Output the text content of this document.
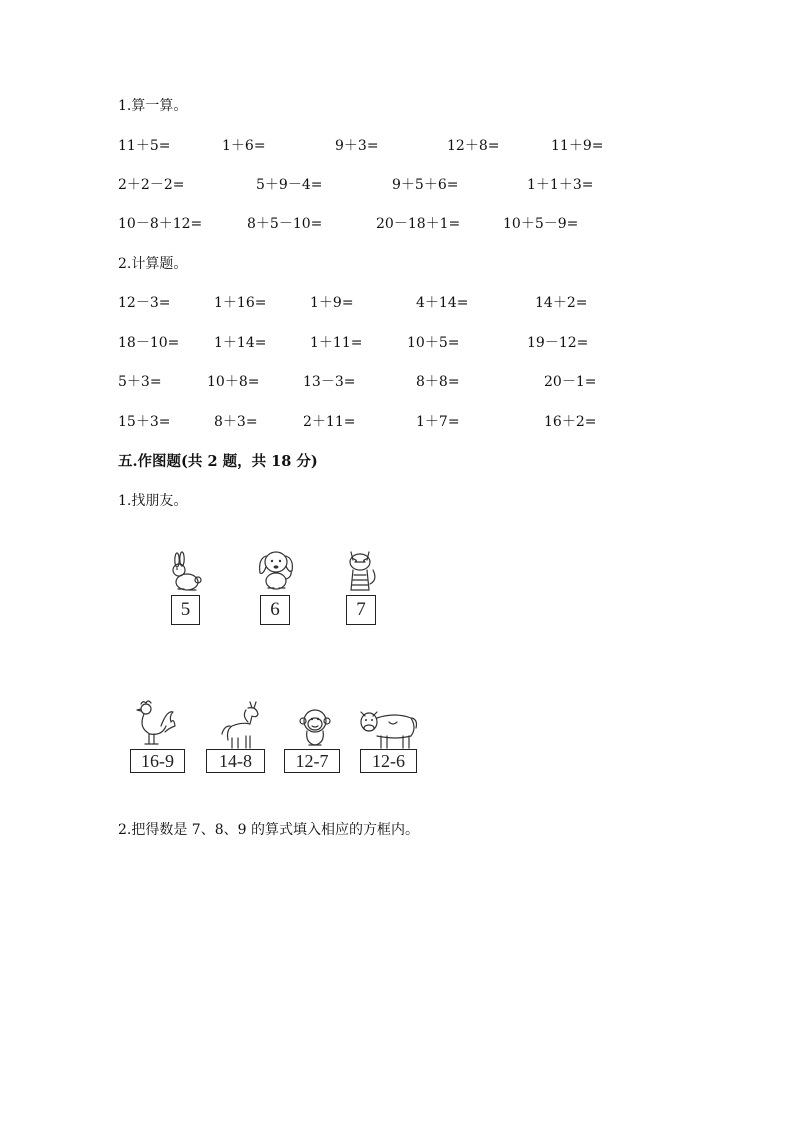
1.算一算。
11＋5=	1＋6=	9＋3=	12＋8=	11＋9=
2＋2－2=	5＋9－4=	9＋5＋6=	1＋1＋3=
10－8＋12=	8＋5－10=	20－18＋1=	10＋5－9=
2.计算题。
12－3=	1＋16=	1＋9=	4＋14=	14＋2=
18－10= 1＋14=	1＋11=	10＋5=	19－12=
5＋3=	10＋8=	13－3=	8＋8=	20－1=
15＋3=	8＋3=	2＋11=	1＋7=	16＋2=
五.作图题(共 2 题，共 18 分)
1.找朋友。
5	6	7
16-9	14-8	12-7	12-6
2.把得数是 7、8、9 的算式填入相应的方框内。
